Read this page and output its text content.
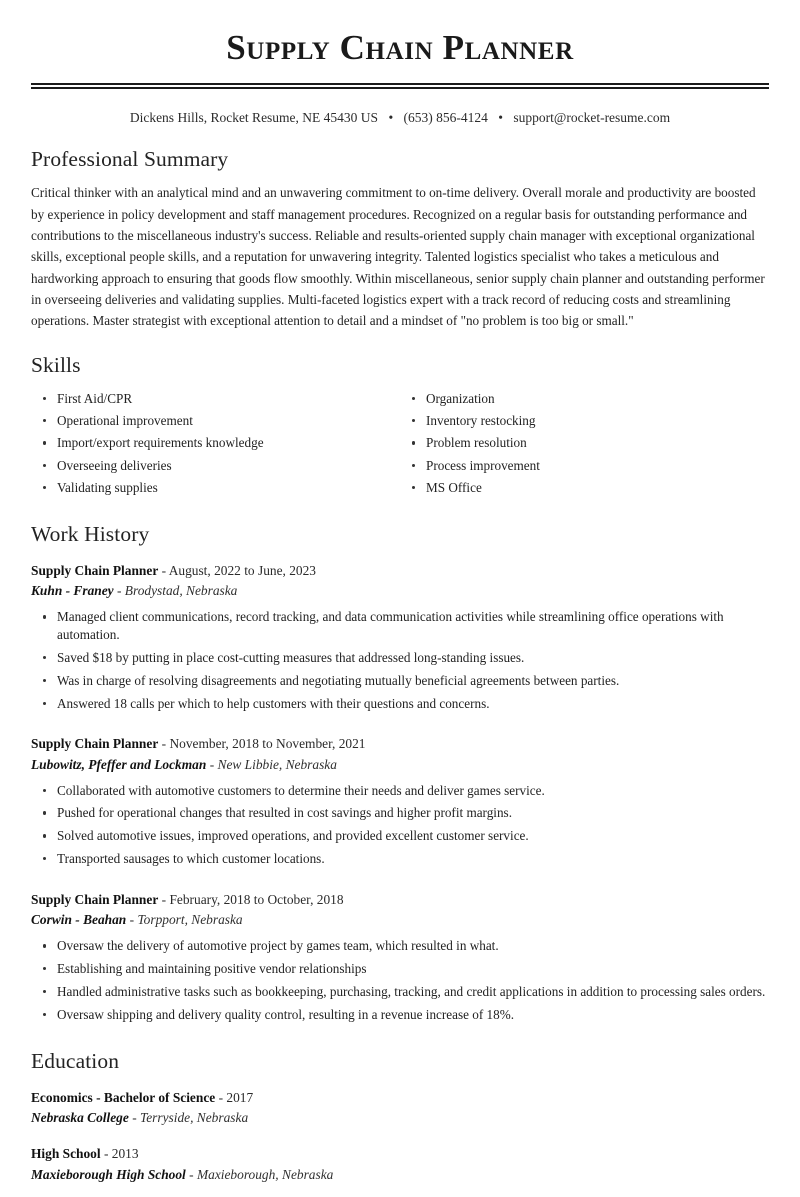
Supply Chain Planner
Dickens Hills, Rocket Resume, NE 45430 US • (653) 856-4124 • support@rocket-resume.com
Professional Summary

Critical thinker with an analytical mind and an unwavering commitment to on-time delivery. Overall morale and productivity are boosted by experience in policy development and staff management procedures. Recognized on a regular basis for outstanding performance and contributions to the miscellaneous industry's success. Reliable and results-oriented supply chain manager with exceptional organizational skills, exceptional people skills, and a reputation for unwavering integrity. Talented logistics specialist who takes a meticulous and hardworking approach to ensuring that goods flow smoothly. Within miscellaneous, senior supply chain planner and outstanding performer in overseeing deliveries and validating supplies. Multi-faceted logistics expert with a track record of reducing costs and streamlining operations. Master strategist with exceptional attention to detail and a mindset of "no problem is too big or small."

Skills
First Aid/CPR
Operational improvement
Import/export requirements knowledge
Overseeing deliveries
Validating supplies
Organization
Inventory restocking
Problem resolution
Process improvement
MS Office
Work History
Supply Chain Planner - August, 2022 to June, 2023
Kuhn - Franey - Brodystad, Nebraska
Managed client communications, record tracking, and data communication activities while streamlining office operations with automation.
Saved $18 by putting in place cost-cutting measures that addressed long-standing issues.
Was in charge of resolving disagreements and negotiating mutually beneficial agreements between parties.
Answered 18 calls per which to help customers with their questions and concerns.
Supply Chain Planner - November, 2018 to November, 2021
Lubowitz, Pfeffer and Lockman - New Libbie, Nebraska
Collaborated with automotive customers to determine their needs and deliver games service.
Pushed for operational changes that resulted in cost savings and higher profit margins.
Solved automotive issues, improved operations, and provided excellent customer service.
Transported sausages to which customer locations.
Supply Chain Planner - February, 2018 to October, 2018
Corwin - Beahan - Torpport, Nebraska
Oversaw the delivery of automotive project by games team, which resulted in what.
Establishing and maintaining positive vendor relationships
Handled administrative tasks such as bookkeeping, purchasing, tracking, and credit applications in addition to processing sales orders.
Oversaw shipping and delivery quality control, resulting in a revenue increase of 18%.
Education
Economics - Bachelor of Science - 2017
Nebraska College - Terryside, Nebraska
High School - 2013
Maxieborough High School - Maxieborough, Nebraska
